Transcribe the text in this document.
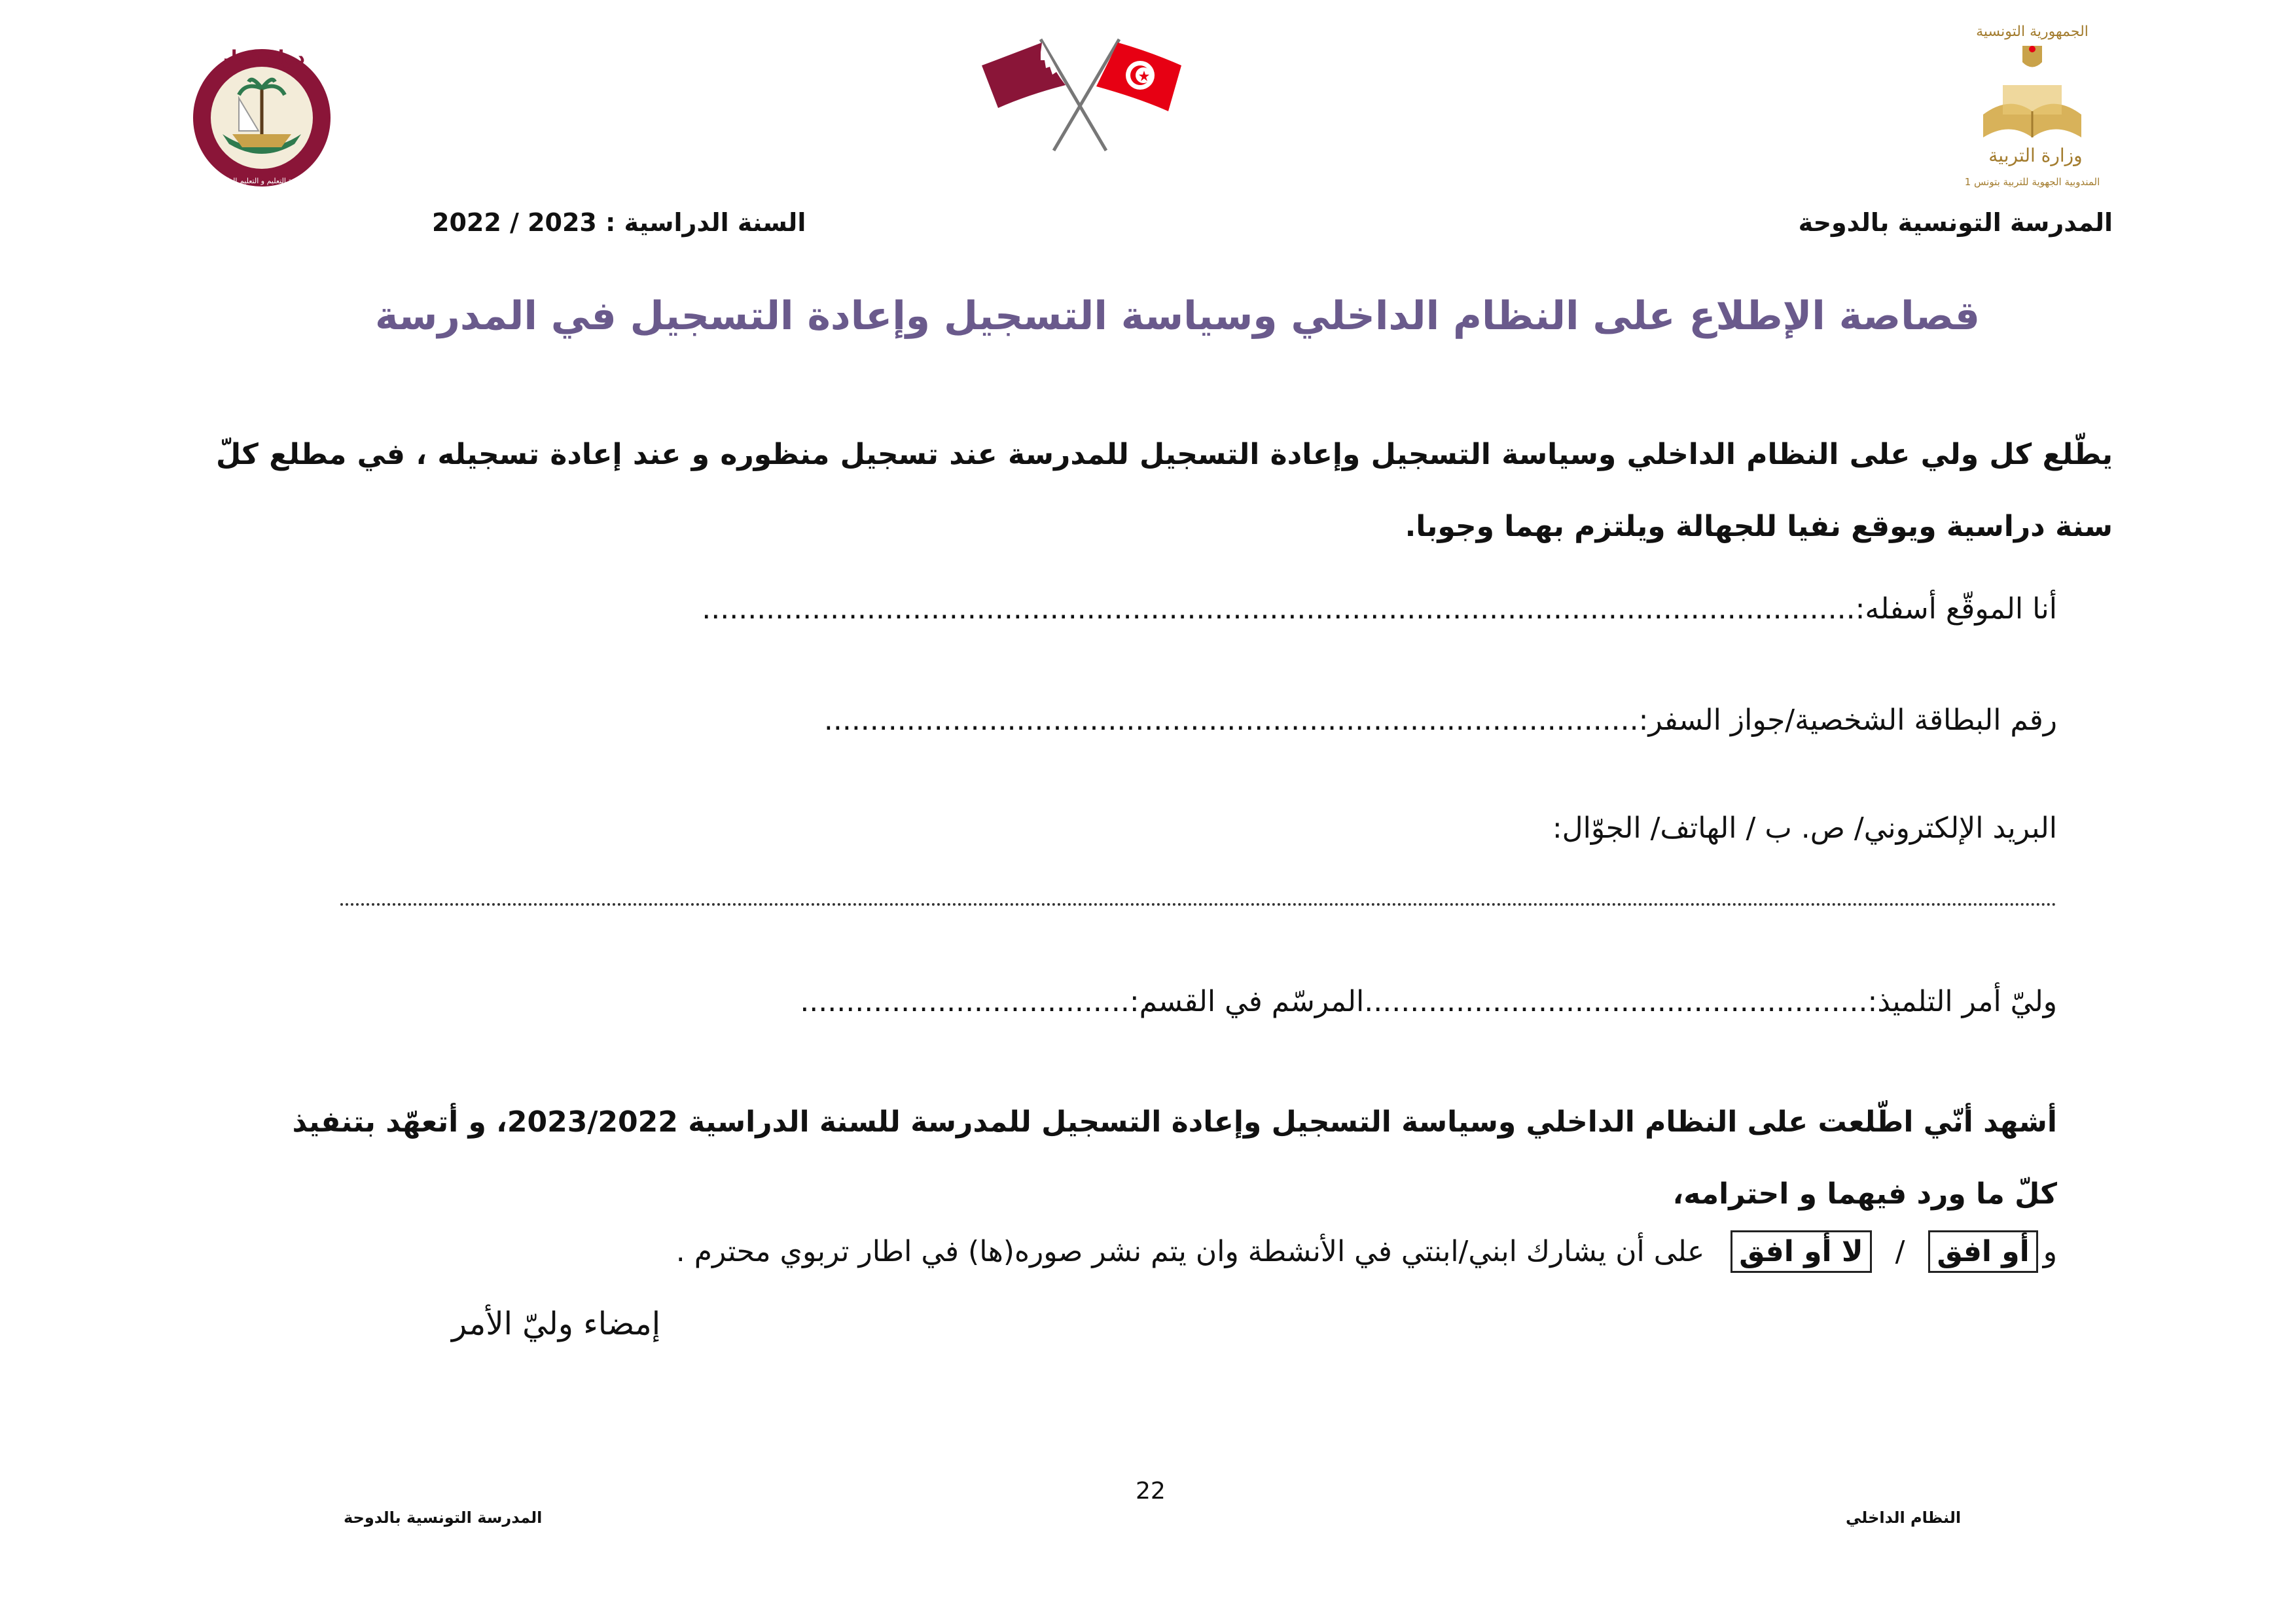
دولة قطر
وزارة التعليم و التعليم العالي
الجمهورية التونسية
وزارة التربية
المندوبية الجهوية للتربية بتونس 1
المدرسة التونسية بالدوحة
السنة الدراسية : 2022 / 2023
قصاصة الإطلاع على النظام الداخلي وسياسة التسجيل وإعادة التسجيل في المدرسة
يطّلع كل ولي على النظام الداخلي وسياسة التسجيل وإعادة التسجيل للمدرسة عند تسجيل منظوره و عند إعادة تسجيله ، في مطلع كلّ سنة دراسية ويوقع نفيا للجهالة ويلتزم بهما وجوبا.
أنا الموقّع أسفله:..............................................................................................................................
رقم البطاقة الشخصية/جواز السفر:.........................................................................................
البريد الإلكتروني/ ص. ب / الهاتف/ الجوّال:
وليّ أمر التلميذ:.......................................................المرسّم في القسم:....................................
أشهد أنّي اطّلعت على النظام الداخلي وسياسة التسجيل وإعادة التسجيل للمدرسة للسنة الدراسية 2023/2022، و أتعهّد بتنفيذ كلّ ما ورد فيهما و احترامه،
وأو افق / لا أو افق على أن يشارك ابني/ابنتي في الأنشطة وان يتم نشر صوره(ها) في اطار تربوي محترم .
إمضاء وليّ الأمر
22
المدرسة التونسية بالدوحة	النظام الداخلي
